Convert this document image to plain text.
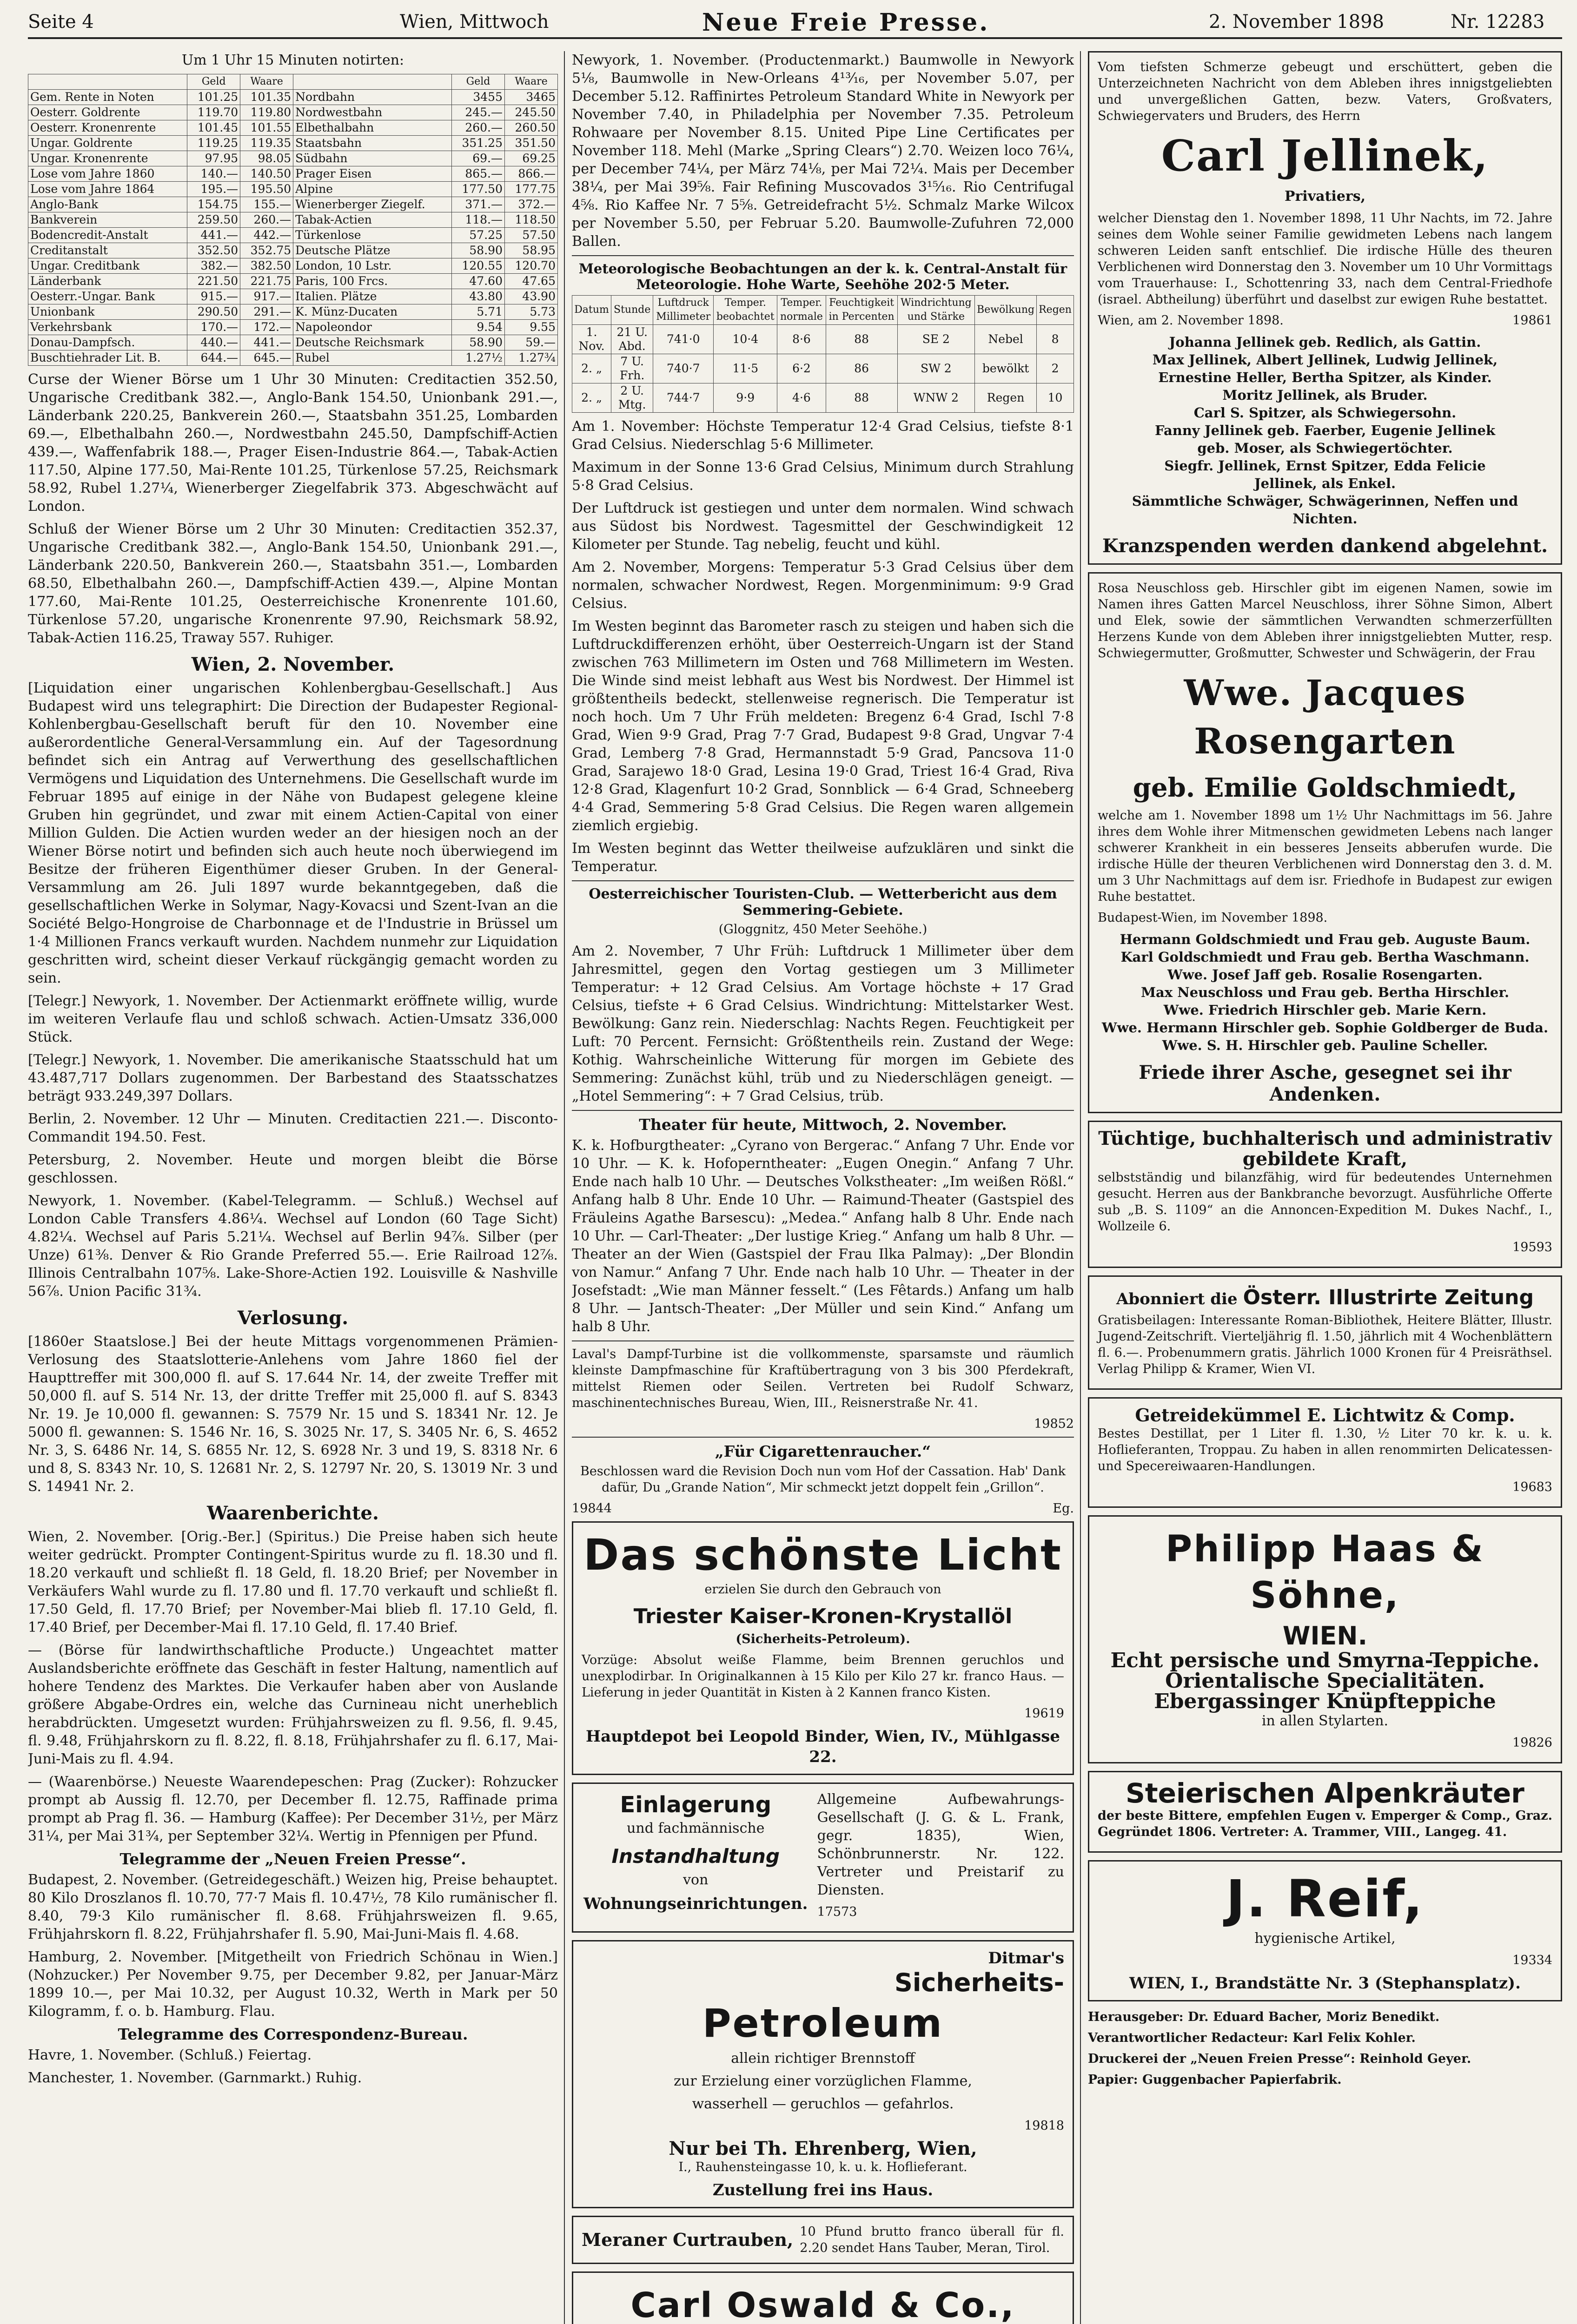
Seite 4	Wien, Mittwoch	Neue Freie Presse.	2. November 1898	Nr. 12283
Um 1 Uhr 15 Minuten notirten:
	Geld	Waare		Geld	Waare
Gem. Rente in Noten	101.25	101.35	Nordbahn	3455	3465
Oesterr. Goldrente	119.70	119.80	Nordwestbahn	245.—	245.50
Oesterr. Kronenrente	101.45	101.55	Elbethalbahn	260.—	260.50
Ungar. Goldrente	119.25	119.35	Staatsbahn	351.25	351.50
Ungar. Kronenrente	97.95	98.05	Südbahn	69.—	69.25
Lose vom Jahre 1860	140.—	140.50	Prager Eisen	865.—	866.—
Lose vom Jahre 1864	195.—	195.50	Alpine	177.50	177.75
Anglo-Bank	154.75	155.—	Wienerberger Ziegelf.	371.—	372.—
Bankverein	259.50	260.—	Tabak-Actien	118.—	118.50
Bodencredit-Anstalt	441.—	442.—	Türkenlose	57.25	57.50
Creditanstalt	352.50	352.75	Deutsche Plätze	58.90	58.95
Ungar. Creditbank	382.—	382.50	London, 10 Lstr.	120.55	120.70
Länderbank	221.50	221.75	Paris, 100 Frcs.	47.60	47.65
Oesterr.-Ungar. Bank	915.—	917.—	Italien. Plätze	43.80	43.90
Unionbank	290.50	291.—	K. Münz-Ducaten	5.71	5.73
Verkehrsbank	170.—	172.—	Napoleondor	9.54	9.55
Donau-Dampfsch.	440.—	441.—	Deutsche Reichsmark	58.90	59.—
Buschtiehrader Lit. B.	644.—	645.—	Rubel	1.27½	1.27¾
Curse der Wiener Börse um 1 Uhr 30 Minuten: Creditactien 352.50, Ungarische Creditbank 382.—, Anglo-Bank 154.50, Unionbank 291.—, Länderbank 220.25, Bankverein 260.—, Staatsbahn 351.25, Lombarden 69.—, Elbethalbahn 260.—, Nordwestbahn 245.50, Dampfschiff-Actien 439.—, Waffenfabrik 188.—, Prager Eisen-Industrie 864.—, Tabak-Actien 117.50, Alpine 177.50, Mai-Rente 101.25, Türkenlose 57.25, Reichsmark 58.92, Rubel 1.27¼, Wienerberger Ziegelfabrik 373. Abgeschwächt auf London.
Schluß der Wiener Börse um 2 Uhr 30 Minuten: Creditactien 352.37, Ungarische Creditbank 382.—, Anglo-Bank 154.50, Unionbank 291.—, Länderbank 220.50, Bankverein 260.—, Staatsbahn 351.—, Lombarden 68.50, Elbethalbahn 260.—, Dampfschiff-Actien 439.—, Alpine Montan 177.60, Mai-Rente 101.25, Oesterreichische Kronenrente 101.60, Türkenlose 57.20, ungarische Kronenrente 97.90, Reichsmark 58.92, Tabak-Actien 116.25, Traway 557. Ruhiger.
Wien, 2. November.
[Liquidation einer ungarischen Kohlenbergbau-Gesellschaft.] Aus Budapest wird uns telegraphirt: Die Direction der Budapester Regional-Kohlenbergbau-Gesellschaft beruft für den 10. November eine außerordentliche General-Versammlung ein. Auf der Tagesordnung befindet sich ein Antrag auf Verwerthung des gesellschaftlichen Vermögens und Liquidation des Unternehmens. Die Gesellschaft wurde im Februar 1895 auf einige in der Nähe von Budapest gelegene kleine Gruben hin gegründet, und zwar mit einem Actien-Capital von einer Million Gulden. Die Actien wurden weder an der hiesigen noch an der Wiener Börse notirt und befinden sich auch heute noch überwiegend im Besitze der früheren Eigenthümer dieser Gruben. In der General-Versammlung am 26. Juli 1897 wurde bekanntgegeben, daß die gesellschaftlichen Werke in Solymar, Nagy-Kovacsi und Szent-Ivan an die Société Belgo-Hongroise de Charbonnage et de l'Industrie in Brüssel um 1·4 Millionen Francs verkauft wurden. Nachdem nunmehr zur Liquidation geschritten wird, scheint dieser Verkauf rückgängig gemacht worden zu sein.
[Telegr.] Newyork, 1. November. Der Actienmarkt eröffnete willig, wurde im weiteren Verlaufe flau und schloß schwach. Actien-Umsatz 336,000 Stück.
[Telegr.] Newyork, 1. November. Die amerikanische Staatsschuld hat um 43.487,717 Dollars zugenommen. Der Barbestand des Staatsschatzes beträgt 933.249,397 Dollars.
Berlin, 2. November. 12 Uhr — Minuten. Creditactien 221.—. Disconto-Commandit 194.50. Fest.
Petersburg, 2. November. Heute und morgen bleibt die Börse geschlossen.
Newyork, 1. November. (Kabel-Telegramm. — Schluß.) Wechsel auf London Cable Transfers 4.86¼. Wechsel auf London (60 Tage Sicht) 4.82¼. Wechsel auf Paris 5.21¼. Wechsel auf Berlin 94⅞. Silber (per Unze) 61⅜. Denver & Rio Grande Preferred 55.—. Erie Railroad 12⅞. Illinois Centralbahn 107⅝. Lake-Shore-Actien 192. Louisville & Nashville 56⅞. Union Pacific 31¾.
Verlosung.
[1860er Staatslose.] Bei der heute Mittags vorgenommenen Prämien-Verlosung des Staatslotterie-Anlehens vom Jahre 1860 fiel der Haupttreffer mit 300,000 fl. auf S. 17.644 Nr. 14, der zweite Treffer mit 50,000 fl. auf S. 514 Nr. 13, der dritte Treffer mit 25,000 fl. auf S. 8343 Nr. 19. Je 10,000 fl. gewannen: S. 7579 Nr. 15 und S. 18341 Nr. 12. Je 5000 fl. gewannen: S. 1546 Nr. 16, S. 3025 Nr. 17, S. 3405 Nr. 6, S. 4652 Nr. 3, S. 6486 Nr. 14, S. 6855 Nr. 12, S. 6928 Nr. 3 und 19, S. 8318 Nr. 6 und 8, S. 8343 Nr. 10, S. 12681 Nr. 2, S. 12797 Nr. 20, S. 13019 Nr. 3 und S. 14941 Nr. 2.
Waarenberichte.
Wien, 2. November. [Orig.-Ber.] (Spiritus.) Die Preise haben sich heute weiter gedrückt. Prompter Contingent-Spiritus wurde zu fl. 18.30 und fl. 18.20 verkauft und schließt fl. 18 Geld, fl. 18.20 Brief; per November in Verkäufers Wahl wurde zu fl. 17.80 und fl. 17.70 verkauft und schließt fl. 17.50 Geld, fl. 17.70 Brief; per November-Mai blieb fl. 17.10 Geld, fl. 17.40 Brief, per December-Mai fl. 17.10 Geld, fl. 17.40 Brief.
— (Börse für landwirthschaftliche Producte.) Ungeachtet matter Auslandsberichte eröffnete das Geschäft in fester Haltung, namentlich auf hohere Tendenz des Marktes. Die Verkaufer haben aber von Auslande größere Abgabe-Ordres ein, welche das Curnineau nicht unerheblich herabdrückten. Umgesetzt wurden: Frühjahrsweizen zu fl. 9.56, fl. 9.45, fl. 9.48, Frühjahrskorn zu fl. 8.22, fl. 8.18, Frühjahrshafer zu fl. 6.17, Mai-Juni-Mais zu fl. 4.94.
— (Waarenbörse.) Neueste Waarendepeschen: Prag (Zucker): Rohzucker prompt ab Aussig fl. 12.70, per December fl. 12.75, Raffinade prima prompt ab Prag fl. 36. — Hamburg (Kaffee): Per December 31½, per März 31¼, per Mai 31¾, per September 32¼. Wertig in Pfennigen per Pfund.
Telegramme der „Neuen Freien Presse“.
Budapest, 2. November. (Getreidegeschäft.) Weizen hig, Preise behauptet. 80 Kilo Droszlanos fl. 10.70, 77·7 Mais fl. 10.47½, 78 Kilo rumänischer fl. 8.40, 79·3 Kilo rumänischer fl. 8.68. Frühjahrsweizen fl. 9.65, Frühjahrskorn fl. 8.22, Frühjahrshafer fl. 5.90, Mai-Juni-Mais fl. 4.68.
Hamburg, 2. November. [Mitgetheilt von Friedrich Schönau in Wien.] (Nohzucker.) Per November 9.75, per December 9.82, per Januar-März 1899 10.—, per Mai 10.32, per August 10.32, Werth in Mark per 50 Kilogramm, f. o. b. Hamburg. Flau.
Telegramme des Correspondenz-Bureau.
Havre, 1. November. (Schluß.) Feiertag.
Manchester, 1. November. (Garnmarkt.) Ruhig.
Newyork, 1. November. (Productenmarkt.) Baumwolle in Newyork 5⅛, Baumwolle in New-Orleans 4¹³⁄₁₆, per November 5.07, per December 5.12. Raffinirtes Petroleum Standard White in Newyork per November 7.40, in Philadelphia per November 7.35. Petroleum Rohwaare per November 8.15. United Pipe Line Certificates per November 118. Mehl (Marke „Spring Clears“) 2.70. Weizen loco 76¼, per December 74¼, per März 74⅛, per Mai 72¼. Mais per December 38¼, per Mai 39⅝. Fair Refining Muscovados 3¹⁵⁄₁₆. Rio Centrifugal 4⅝. Rio Kaffee Nr. 7 5⅝. Getreidefracht 5½. Schmalz Marke Wilcox per November 5.50, per Februar 5.20. Baumwolle-Zufuhren 72,000 Ballen.
Meteorologische Beobachtungen an der k. k. Central-Anstalt für Meteorologie. Hohe Warte, Seehöhe 202·5 Meter.
Datum	Stunde	Luftdruck Millimeter	Temper. beobachtet	Temper. normale	Feuchtigkeit in Percenten	Windrichtung und Stärke	Bewölkung	Regen
1. Nov.	21 U. Abd.	741·0	10·4	8·6	88	SE 2	Nebel	8
2. „	7 U. Frh.	740·7	11·5	6·2	86	SW 2	bewölkt	2
2. „	2 U. Mtg.	744·7	9·9	4·6	88	WNW 2	Regen	10
Am 1. November: Höchste Temperatur 12·4 Grad Celsius, tiefste 8·1 Grad Celsius. Niederschlag 5·6 Millimeter.
Maximum in der Sonne 13·6 Grad Celsius, Minimum durch Strahlung 5·8 Grad Celsius.
Der Luftdruck ist gestiegen und unter dem normalen. Wind schwach aus Südost bis Nordwest. Tagesmittel der Geschwindigkeit 12 Kilometer per Stunde. Tag nebelig, feucht und kühl.
Am 2. November, Morgens: Temperatur 5·3 Grad Celsius über dem normalen, schwacher Nordwest, Regen. Morgenminimum: 9·9 Grad Celsius.
Im Westen beginnt das Barometer rasch zu steigen und haben sich die Luftdruckdifferenzen erhöht, über Oesterreich-Ungarn ist der Stand zwischen 763 Millimetern im Osten und 768 Millimetern im Westen. Die Winde sind meist lebhaft aus West bis Nordwest. Der Himmel ist größtentheils bedeckt, stellenweise regnerisch. Die Temperatur ist noch hoch. Um 7 Uhr Früh meldeten: Bregenz 6·4 Grad, Ischl 7·8 Grad, Wien 9·9 Grad, Prag 7·7 Grad, Budapest 9·8 Grad, Ungvar 7·4 Grad, Lemberg 7·8 Grad, Hermannstadt 5·9 Grad, Pancsova 11·0 Grad, Sarajewo 18·0 Grad, Lesina 19·0 Grad, Triest 16·4 Grad, Riva 12·8 Grad, Klagenfurt 10·2 Grad, Sonnblick — 6·4 Grad, Schneeberg 4·4 Grad, Semmering 5·8 Grad Celsius. Die Regen waren allgemein ziemlich ergiebig.
Im Westen beginnt das Wetter theilweise aufzuklären und sinkt die Temperatur.
Oesterreichischer Touristen-Club. — Wetterbericht aus dem Semmering-Gebiete.
(Gloggnitz, 450 Meter Seehöhe.)
Am 2. November, 7 Uhr Früh: Luftdruck 1 Millimeter über dem Jahresmittel, gegen den Vortag gestiegen um 3 Millimeter Temperatur: + 12 Grad Celsius. Am Vortage höchste + 17 Grad Celsius, tiefste + 6 Grad Celsius. Windrichtung: Mittelstarker West. Bewölkung: Ganz rein. Niederschlag: Nachts Regen. Feuchtigkeit per Luft: 70 Percent. Fernsicht: Größtentheils rein. Zustand der Wege: Kothig. Wahrscheinliche Witterung für morgen im Gebiete des Semmering: Zunächst kühl, trüb und zu Niederschlägen geneigt. — „Hotel Semmering“: + 7 Grad Celsius, trüb.
Theater für heute, Mittwoch, 2. November.
K. k. Hofburgtheater: „Cyrano von Bergerac.“ Anfang 7 Uhr. Ende vor 10 Uhr. — K. k. Hofoperntheater: „Eugen Onegin.“ Anfang 7 Uhr. Ende nach halb 10 Uhr. — Deutsches Volkstheater: „Im weißen Rößl.“ Anfang halb 8 Uhr. Ende 10 Uhr. — Raimund-Theater (Gastspiel des Fräuleins Agathe Barsescu): „Medea.“ Anfang halb 8 Uhr. Ende nach 10 Uhr. — Carl-Theater: „Der lustige Krieg.“ Anfang um halb 8 Uhr. — Theater an der Wien (Gastspiel der Frau Ilka Palmay): „Der Blondin von Namur.“ Anfang 7 Uhr. Ende nach halb 10 Uhr. — Theater in der Josefstadt: „Wie man Männer fesselt.“ (Les Fêtards.) Anfang um halb 8 Uhr. — Jantsch-Theater: „Der Müller und sein Kind.“ Anfang um halb 8 Uhr.
Laval's Dampf-Turbine ist die vollkommenste, sparsamste und räumlich kleinste Dampfmaschine für Kraftübertragung von 3 bis 300 Pferdekraft, mittelst Riemen oder Seilen. Vertreten bei Rudolf Schwarz, maschinentechnisches Bureau, Wien, III., Reisnerstraße Nr. 41.
19852
„Für Cigarettenraucher.“
Beschlossen ward die Revision Doch nun vom Hof der Cassation. Hab' Dank dafür, Du „Grande Nation“, Mir schmeckt jetzt doppelt fein „Grillon“.
19844	Eg.
Das schönste Licht
erzielen Sie durch den Gebrauch von
Triester Kaiser-Kronen-Krystallöl
(Sicherheits-Petroleum).
Vorzüge: Absolut weiße Flamme, beim Brennen geruchlos und unexplodirbar. In Originalkannen à 15 Kilo per Kilo 27 kr. franco Haus. — Lieferung in jeder Quantität in Kisten à 2 Kannen franco Kisten.
19619
Hauptdepot bei Leopold Binder, Wien, IV., Mühlgasse 22.
Einlagerung
und fachmännische
Instandhaltung
von
Wohnungseinrichtungen.
Allgemeine Aufbewahrungs-Gesellschaft (J. G. & L. Frank, gegr. 1835), Wien, Schönbrunnerstr. Nr. 122. Vertreter und Preistarif zu Diensten.
17573
Ditmar's
Sicherheits-
Petroleum
allein richtiger Brennstoff
zur Erzielung einer vorzüglichen Flamme,
wasserhell — geruchlos — gefahrlos.
19818
Nur bei Th. Ehrenberg, Wien,
I., Rauhensteingasse 10, k. u. k. Hoflieferant.
Zustellung frei ins Haus.
Meraner Curtrauben, 10 Pfund brutto franco überall für fl. 2.20 sendet Hans Tauber, Meran, Tirol.
Carl Oswald & Co.,
Vom tiefsten Schmerze gebeugt und erschüttert, geben die Unterzeichneten Nachricht von dem Ableben ihres innigstgeliebten und unvergeßlichen Gatten, bezw. Vaters, Großvaters, Schwiegervaters und Bruders, des Herrn
Carl Jellinek,
Privatiers,
welcher Dienstag den 1. November 1898, 11 Uhr Nachts, im 72. Jahre seines dem Wohle seiner Familie gewidmeten Lebens nach langem schweren Leiden sanft entschlief. Die irdische Hülle des theuren Verblichenen wird Donnerstag den 3. November um 10 Uhr Vormittags vom Trauerhause: I., Schottenring 33, nach dem Central-Friedhofe (israel. Abtheilung) überführt und daselbst zur ewigen Ruhe bestattet.
Wien, am 2. November 1898.	19861
Johanna Jellinek geb. Redlich, als Gattin.
Max Jellinek, Albert Jellinek, Ludwig Jellinek,
Ernestine Heller, Bertha Spitzer, als Kinder.
Moritz Jellinek, als Bruder.
Carl S. Spitzer, als Schwiegersohn.
Fanny Jellinek geb. Faerber, Eugenie Jellinek
geb. Moser, als Schwiegertöchter.
Siegfr. Jellinek, Ernst Spitzer, Edda Felicie
Jellinek, als Enkel.
Sämmtliche Schwäger, Schwägerinnen, Neffen und Nichten.
Kranzspenden werden dankend abgelehnt.
Rosa Neuschloss geb. Hirschler gibt im eigenen Namen, sowie im Namen ihres Gatten Marcel Neuschloss, ihrer Söhne Simon, Albert und Elek, sowie der sämmtlichen Verwandten schmerzerfüllten Herzens Kunde von dem Ableben ihrer innigstgeliebten Mutter, resp. Schwiegermutter, Großmutter, Schwester und Schwägerin, der Frau
Wwe. Jacques Rosengarten
geb. Emilie Goldschmiedt,
welche am 1. November 1898 um 1½ Uhr Nachmittags im 56. Jahre ihres dem Wohle ihrer Mitmenschen gewidmeten Lebens nach langer schwerer Krankheit in ein besseres Jenseits abberufen wurde. Die irdische Hülle der theuren Verblichenen wird Donnerstag den 3. d. M. um 3 Uhr Nachmittags auf dem isr. Friedhofe in Budapest zur ewigen Ruhe bestattet.
Budapest-Wien, im November 1898.
Hermann Goldschmiedt und Frau geb. Auguste Baum.
Karl Goldschmiedt und Frau geb. Bertha Waschmann.
Wwe. Josef Jaff geb. Rosalie Rosengarten.
Max Neuschloss und Frau geb. Bertha Hirschler.
Wwe. Friedrich Hirschler geb. Marie Kern.
Wwe. Hermann Hirschler geb. Sophie Goldberger de Buda.
Wwe. S. H. Hirschler geb. Pauline Scheller.
Friede ihrer Asche, gesegnet sei ihr Andenken.
Tüchtige, buchhalterisch und administrativ gebildete Kraft,
selbstständig und bilanzfähig, wird für bedeutendes Unternehmen gesucht. Herren aus der Bankbranche bevorzugt. Ausführliche Offerte sub „B. S. 1109“ an die Annoncen-Expedition M. Dukes Nachf., I., Wollzeile 6.
19593
Abonniert die Österr. Illustrirte Zeitung
Gratisbeilagen: Interessante Roman-Bibliothek, Heitere Blätter, Illustr. Jugend-Zeitschrift. Vierteljährig fl. 1.50, jährlich mit 4 Wochenblättern fl. 6.—. Probenummern gratis. Jährlich 1000 Kronen für 4 Preisräthsel. Verlag Philipp & Kramer, Wien VI.
Getreidekümmel E. Lichtwitz & Comp.
Bestes Destillat, per 1 Liter fl. 1.30, ½ Liter 70 kr. k. u. k. Hoflieferanten, Troppau. Zu haben in allen renommirten Delicatessen- und Specereiwaaren-Handlungen.
19683
Philipp Haas & Söhne,
WIEN.
Echt persische und Smyrna-Teppiche.
Orientalische Specialitäten.
Ebergassinger Knüpfteppiche
in allen Stylarten.
19826
Steierischen Alpenkräuter
der beste Bittere, empfehlen Eugen v. Emperger & Comp., Graz. Gegründet 1806. Vertreter: A. Trammer, VIII., Langeg. 41.
J. Reif,
hygienische Artikel,
19334
WIEN, I., Brandstätte Nr. 3 (Stephansplatz).
Herausgeber: Dr. Eduard Bacher, Moriz Benedikt.
Verantwortlicher Redacteur: Karl Felix Kohler.
Druckerei der „Neuen Freien Presse“: Reinhold Geyer.
Papier: Guggenbacher Papierfabrik.
